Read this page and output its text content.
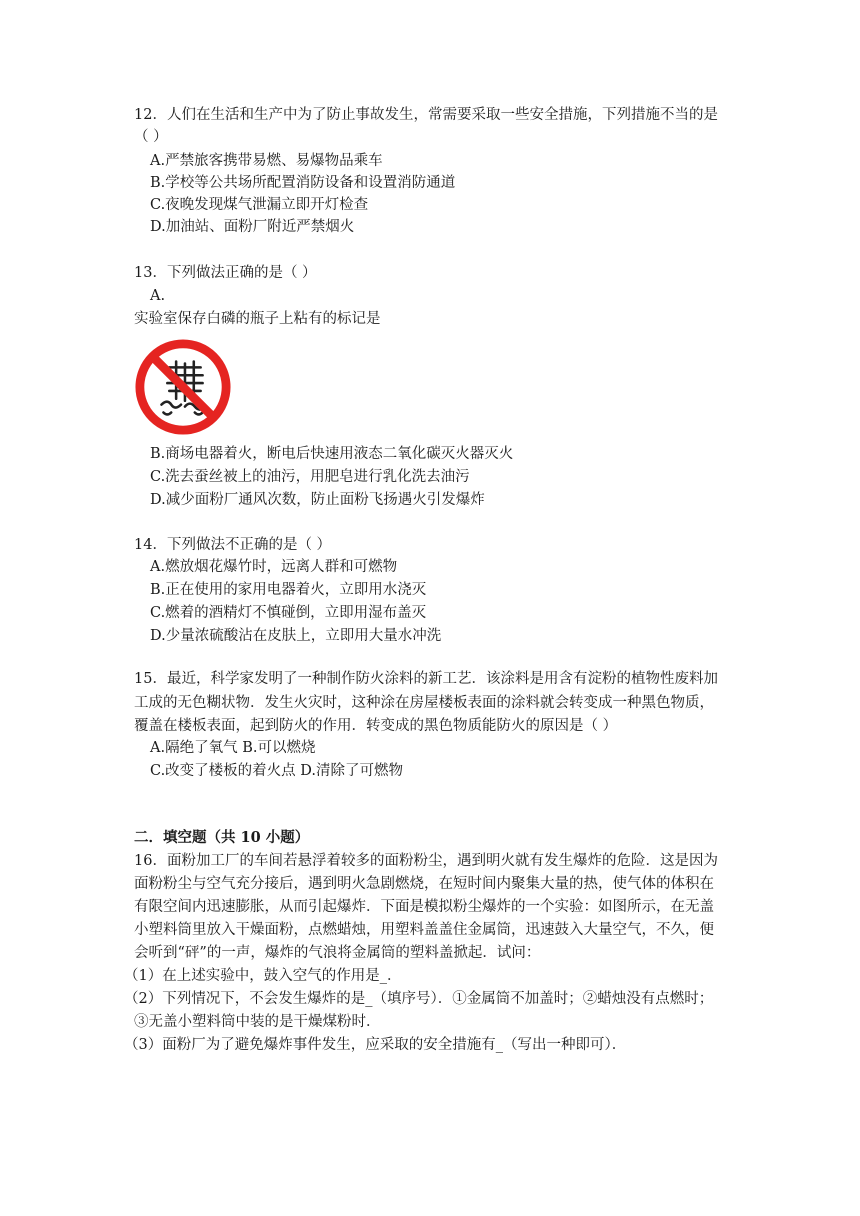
12．人们在生活和生产中为了防止事故发生，常需要采取一些安全措施，下列措施不当的是
（ ）
A.严禁旅客携带易燃、易爆物品乘车
B.学校等公共场所配置消防设备和设置消防通道
C.夜晚发现煤气泄漏立即开灯检查
D.加油站、面粉厂附近严禁烟火
13．下列做法正确的是（ ）
A.
实验室保存白磷的瓶子上粘有的标记是
B.商场电器着火，断电后快速用液态二氧化碳灭火器灭火
C.洗去蚕丝被上的油污，用肥皂进行乳化洗去油污
D.减少面粉厂通风次数，防止面粉飞扬遇火引发爆炸
14．下列做法不正确的是（ ）
A.燃放烟花爆竹时，远离人群和可燃物
B.正在使用的家用电器着火，立即用水浇灭
C.燃着的酒精灯不慎碰倒，立即用湿布盖灭
D.少量浓硫酸沾在皮肤上，立即用大量水冲洗
15．最近，科学家发明了一种制作防火涂料的新工艺．该涂料是用含有淀粉的植物性废料加
工成的无色糊状物．发生火灾时，这种涂在房屋楼板表面的涂料就会转变成一种黑色物质，
覆盖在楼板表面，起到防火的作用．转变成的黑色物质能防火的原因是（ ）
A.隔绝了氧气 B.可以燃烧
C.改变了楼板的着火点 D.清除了可燃物
二．填空题（共 10 小题）
16．面粉加工厂的车间若悬浮着较多的面粉粉尘，遇到明火就有发生爆炸的危险．这是因为
面粉粉尘与空气充分接后，遇到明火急剧燃烧，在短时间内聚集大量的热，使气体的体积在
有限空间内迅速膨胀，从而引起爆炸．下面是模拟粉尘爆炸的一个实验：如图所示，在无盖
小塑料筒里放入干燥面粉，点燃蜡烛，用塑料盖盖住金属筒，迅速鼓入大量空气，不久，便
会听到“砰”的一声，爆炸的气浪将金属筒的塑料盖掀起．试问：
（1）在上述实验中，鼓入空气的作用是_．
（2）下列情况下，不会发生爆炸的是_（填序号）．①金属筒不加盖时；②蜡烛没有点燃时；
③无盖小塑料筒中装的是干燥煤粉时．
（3）面粉厂为了避免爆炸事件发生，应采取的安全措施有_（写出一种即可）．
